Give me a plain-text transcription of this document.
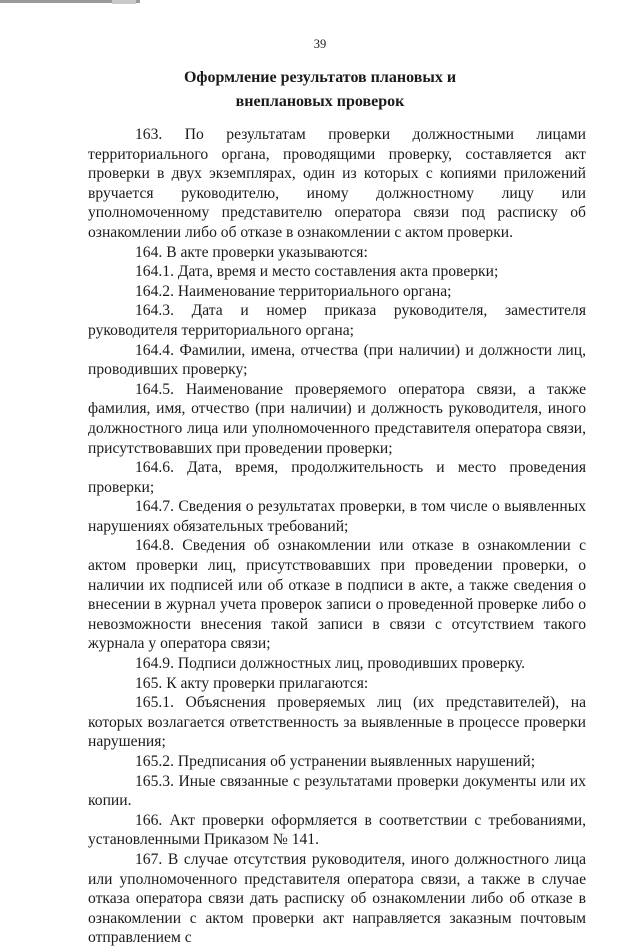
39
Оформление результатов плановых и
внеплановых проверок

163. По результатам проверки должностными лицами территориального органа, проводящими проверку, составляется акт проверки в двух экземплярах, один из которых с копиями приложений вручается руководителю, иному должностному лицу или уполномоченному представителю оператора связи под расписку об ознакомлении либо об отказе в ознакомлении с актом проверки.

164. В акте проверки указываются:

164.1. Дата, время и место составления акта проверки;

164.2. Наименование территориального органа;

164.3. Дата и номер приказа руководителя, заместителя руководителя территориального органа;

164.4. Фамилии, имена, отчества (при наличии) и должности лиц, проводивших проверку;

164.5. Наименование проверяемого оператора связи, а также фамилия, имя, отчество (при наличии) и должность руководителя, иного должностного лица или уполномоченного представителя оператора связи, присутствовавших при проведении проверки;

164.6. Дата, время, продолжительность и место проведения проверки;

164.7. Сведения о результатах проверки, в том числе о выявленных нарушениях обязательных требований;

164.8. Сведения об ознакомлении или отказе в ознакомлении с актом проверки лиц, присутствовавших при проведении проверки, о наличии их подписей или об отказе в подписи в акте, а также сведения о внесении в журнал учета проверок записи о проведенной проверке либо о невозможности внесения такой записи в связи с отсутствием такого журнала у оператора связи;

164.9. Подписи должностных лиц, проводивших проверку.

165. К акту проверки прилагаются:

165.1. Объяснения проверяемых лиц (их представителей), на которых возлагается ответственность за выявленные в процессе проверки нарушения;

165.2. Предписания об устранении выявленных нарушений;

165.3. Иные связанные с результатами проверки документы или их копии.

166. Акт проверки оформляется в соответствии с требованиями, установленными Приказом № 141.

167. В случае отсутствия руководителя, иного должностного лица или уполномоченного представителя оператора связи, а также в случае отказа оператора связи дать расписку об ознакомлении либо об отказе в ознакомлении с актом проверки акт направляется заказным почтовым отправлением с
